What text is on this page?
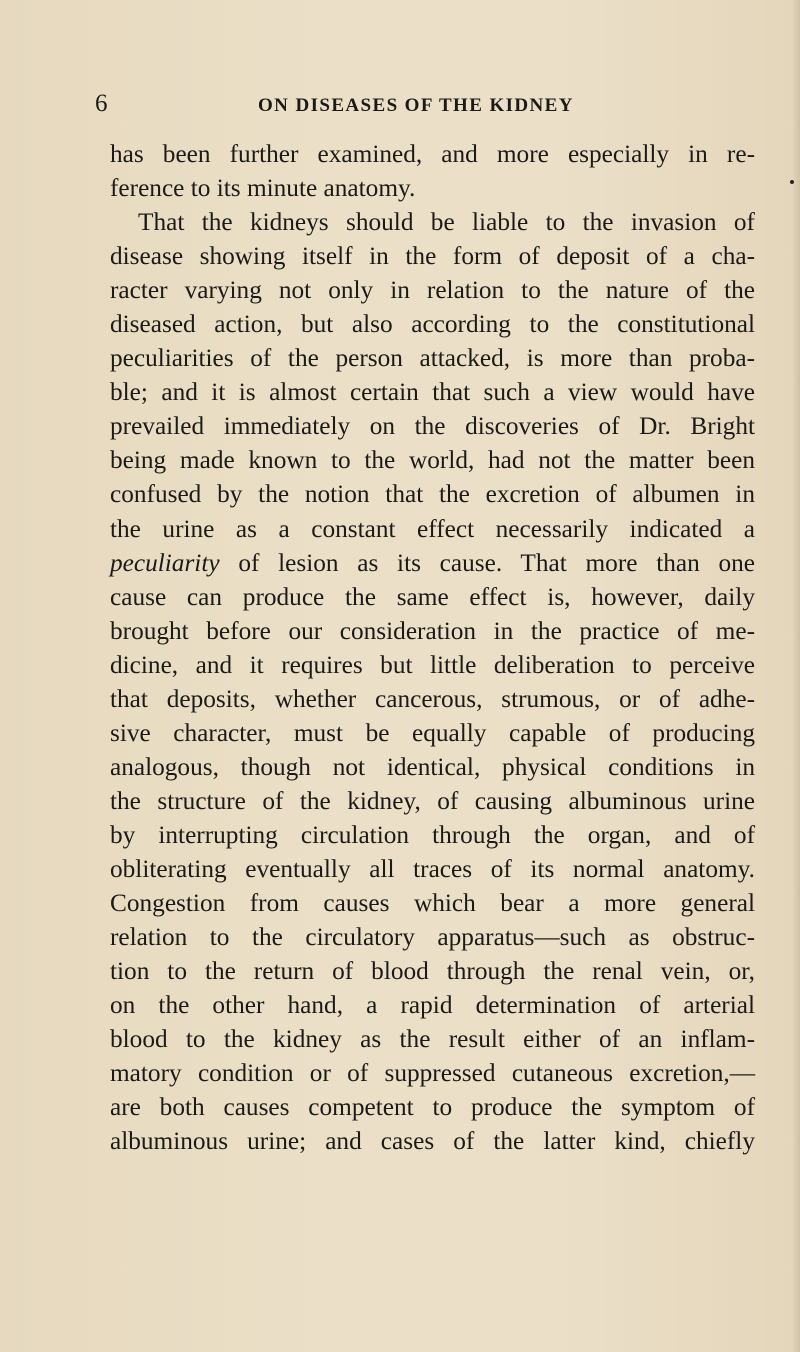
6	ON DISEASES OF THE KIDNEY
has been further examined, and more especially in re-
ference to its minute anatomy.
That the kidneys should be liable to the invasion of
disease showing itself in the form of deposit of a cha-
racter varying not only in relation to the nature of the
diseased action, but also according to the constitutional
peculiarities of the person attacked, is more than proba-
ble; and it is almost certain that such a view would have
prevailed immediately on the discoveries of Dr. Bright
being made known to the world, had not the matter been
confused by the notion that the excretion of albumen in
the urine as a constant effect necessarily indicated a
peculiarity of lesion as its cause. That more than one
cause can produce the same effect is, however, daily
brought before our consideration in the practice of me-
dicine, and it requires but little deliberation to perceive
that deposits, whether cancerous, strumous, or of adhe-
sive character, must be equally capable of producing
analogous, though not identical, physical conditions in
the structure of the kidney, of causing albuminous urine
by interrupting circulation through the organ, and of
obliterating eventually all traces of its normal anatomy.
Congestion from causes which bear a more general
relation to the circulatory apparatus—such as obstruc-
tion to the return of blood through the renal vein, or,
on the other hand, a rapid determination of arterial
blood to the kidney as the result either of an inflam-
matory condition or of suppressed cutaneous excretion,—
are both causes competent to produce the symptom of
albuminous urine; and cases of the latter kind, chiefly
